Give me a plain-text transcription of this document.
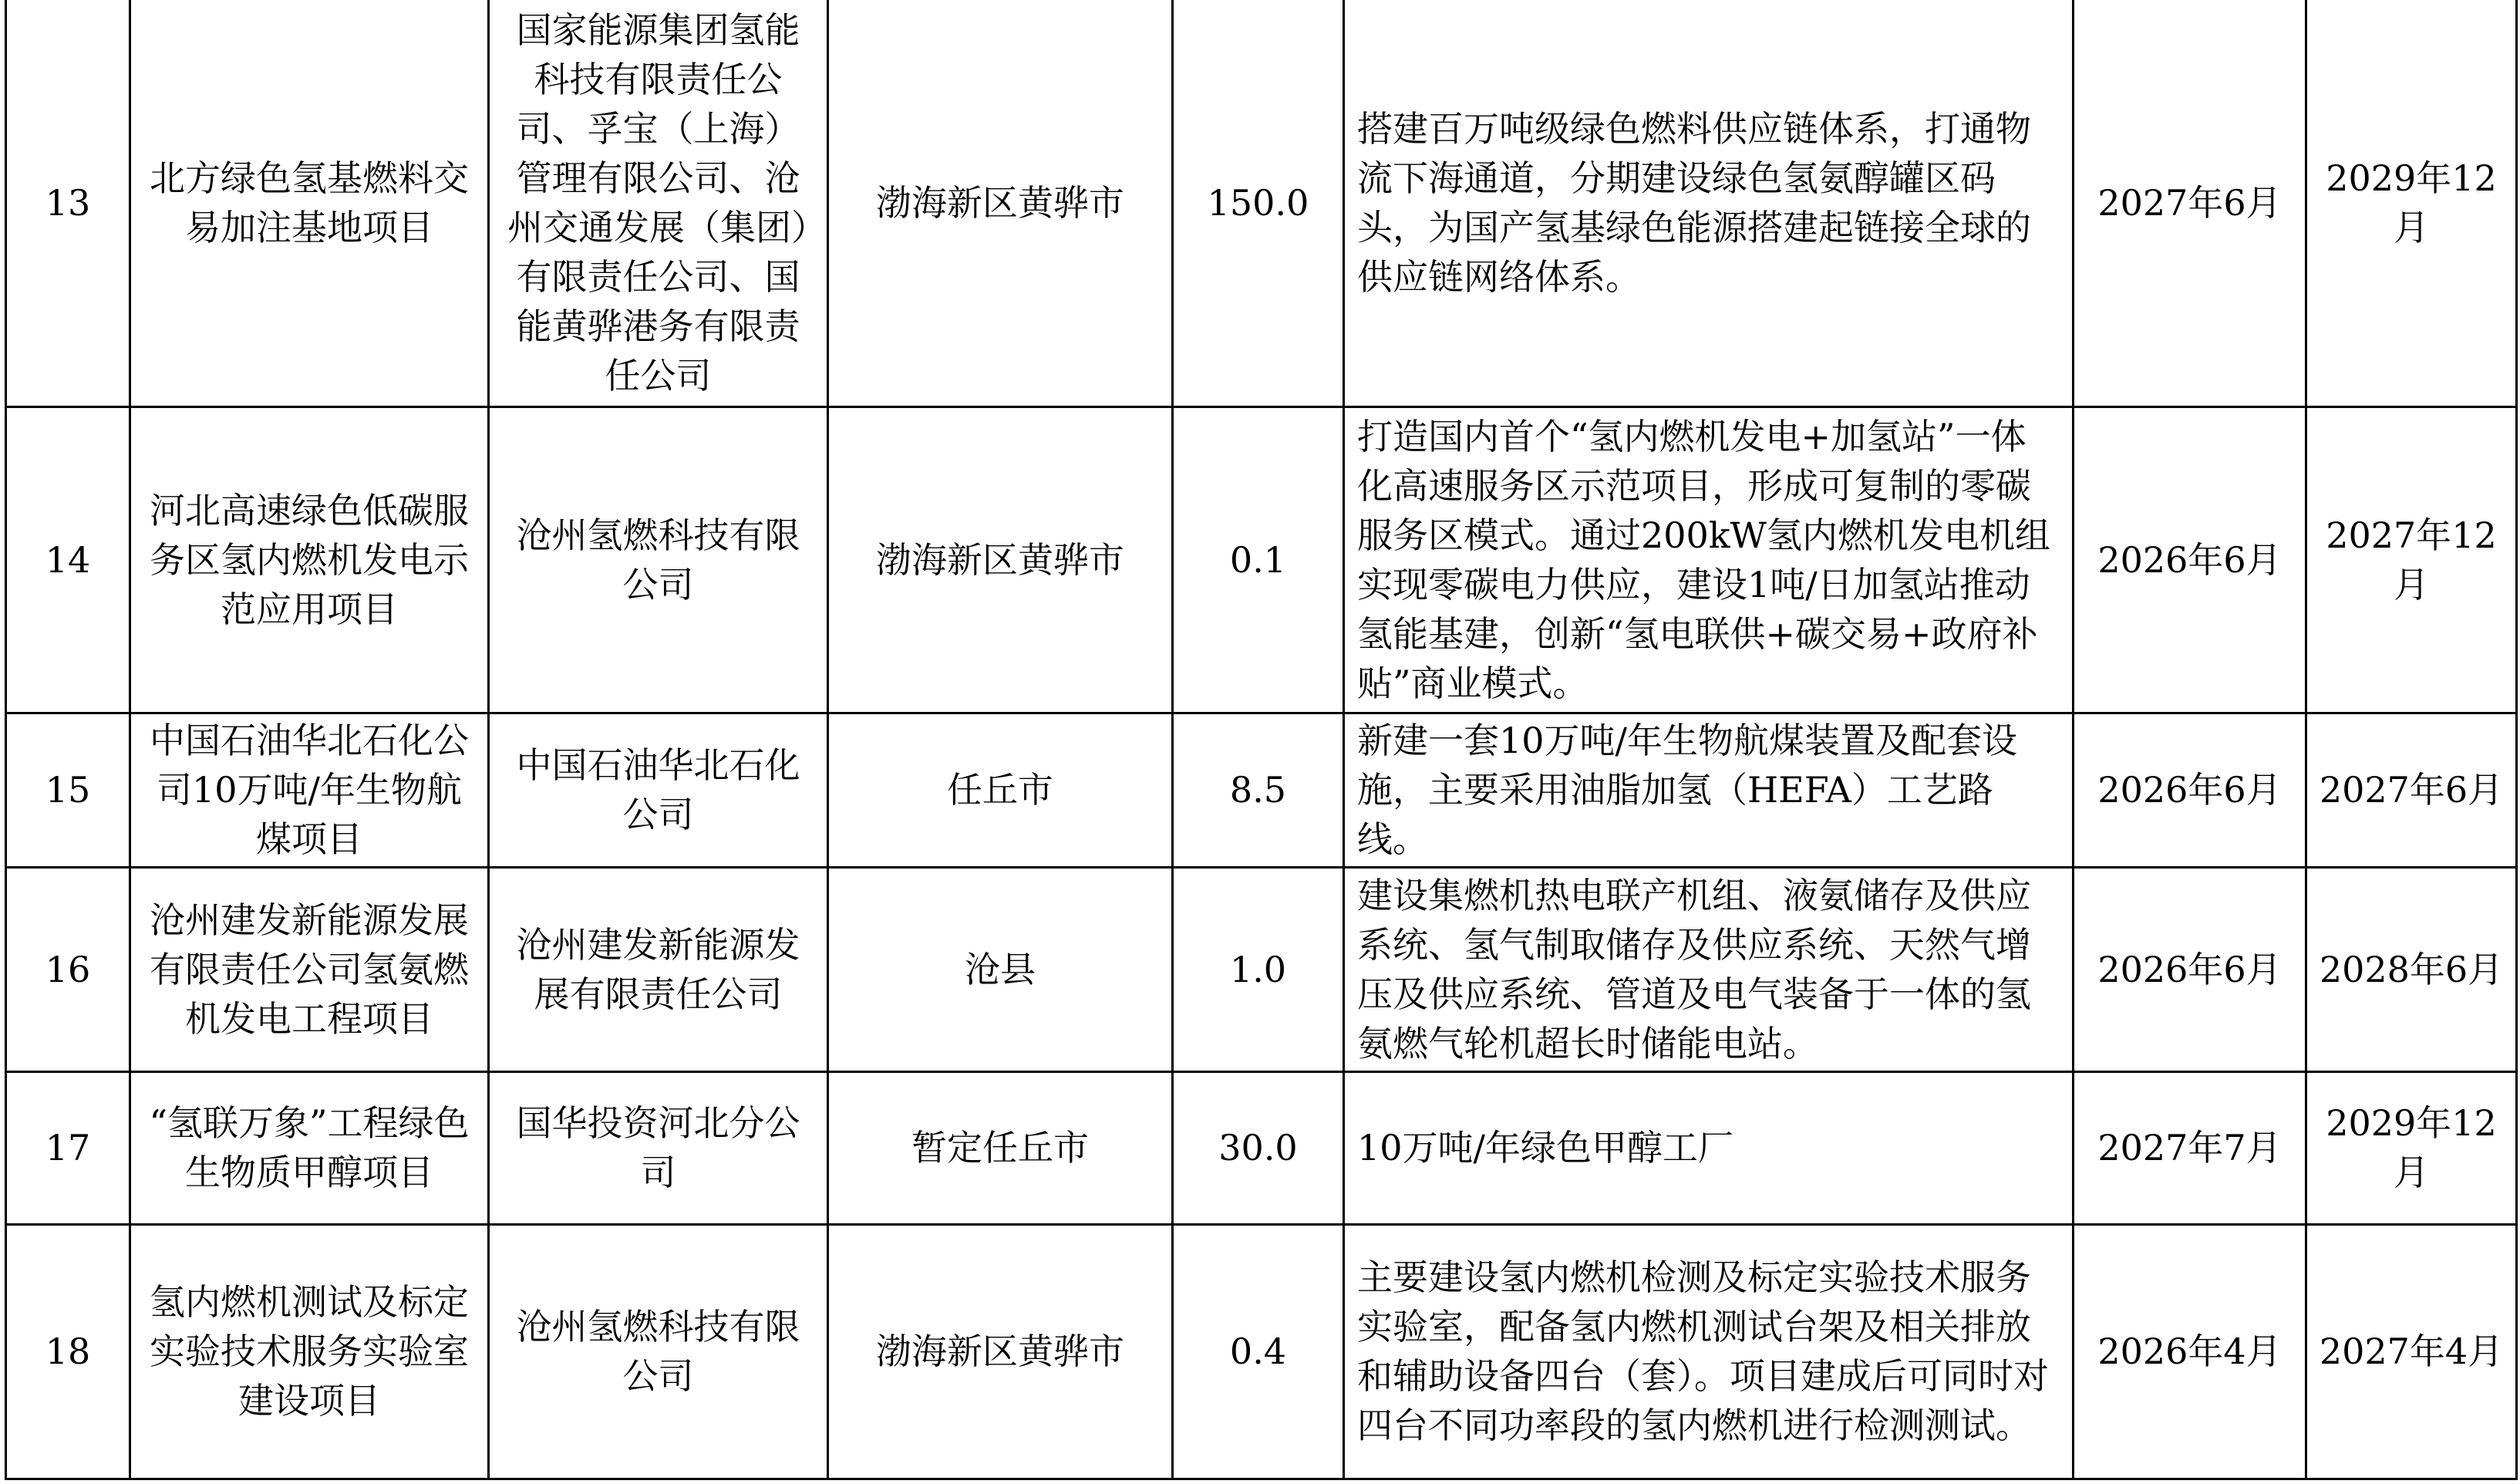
13	北方绿色氢基燃料交易加注基地项目	国家能源集团氢能科技有限责任公司、孚宝（上海）管理有限公司、沧州交通发展（集团）有限责任公司、国能黄骅港务有限责任公司	渤海新区黄骅市	150.0	搭建百万吨级绿色燃料供应链体系，打通物流下海通道，分期建设绿色氢氨醇罐区码头，为国产氢基绿色能源搭建起链接全球的供应链网络体系。	2027年6月	2029年12月
14	河北高速绿色低碳服务区氢内燃机发电示范应用项目	沧州氢燃科技有限公司	渤海新区黄骅市	0.1	打造国内首个“氢内燃机发电+加氢站”一体化高速服务区示范项目，形成可复制的零碳服务区模式。通过200kW氢内燃机发电机组实现零碳电力供应，建设1吨/日加氢站推动氢能基建，创新“氢电联供+碳交易+政府补贴”商业模式。	2026年6月	2027年12月
15	中国石油华北石化公司10万吨/年生物航煤项目	中国石油华北石化公司	任丘市	8.5	新建一套10万吨/年生物航煤装置及配套设施，主要采用油脂加氢（HEFA）工艺路线。	2026年6月	2027年6月
16	沧州建发新能源发展有限责任公司氢氨燃机发电工程项目	沧州建发新能源发展有限责任公司	沧县	1.0	建设集燃机热电联产机组、液氨储存及供应系统、氢气制取储存及供应系统、天然气增压及供应系统、管道及电气装备于一体的氢氨燃气轮机超长时储能电站。	2026年6月	2028年6月
17	“氢联万象”工程绿色生物质甲醇项目	国华投资河北分公司	暂定任丘市	30.0	10万吨/年绿色甲醇工厂	2027年7月	2029年12月
18	氢内燃机测试及标定实验技术服务实验室建设项目	沧州氢燃科技有限公司	渤海新区黄骅市	0.4	主要建设氢内燃机检测及标定实验技术服务实验室，配备氢内燃机测试台架及相关排放和辅助设备四台（套）。项目建成后可同时对四台不同功率段的氢内燃机进行检测测试。	2026年4月	2027年4月
